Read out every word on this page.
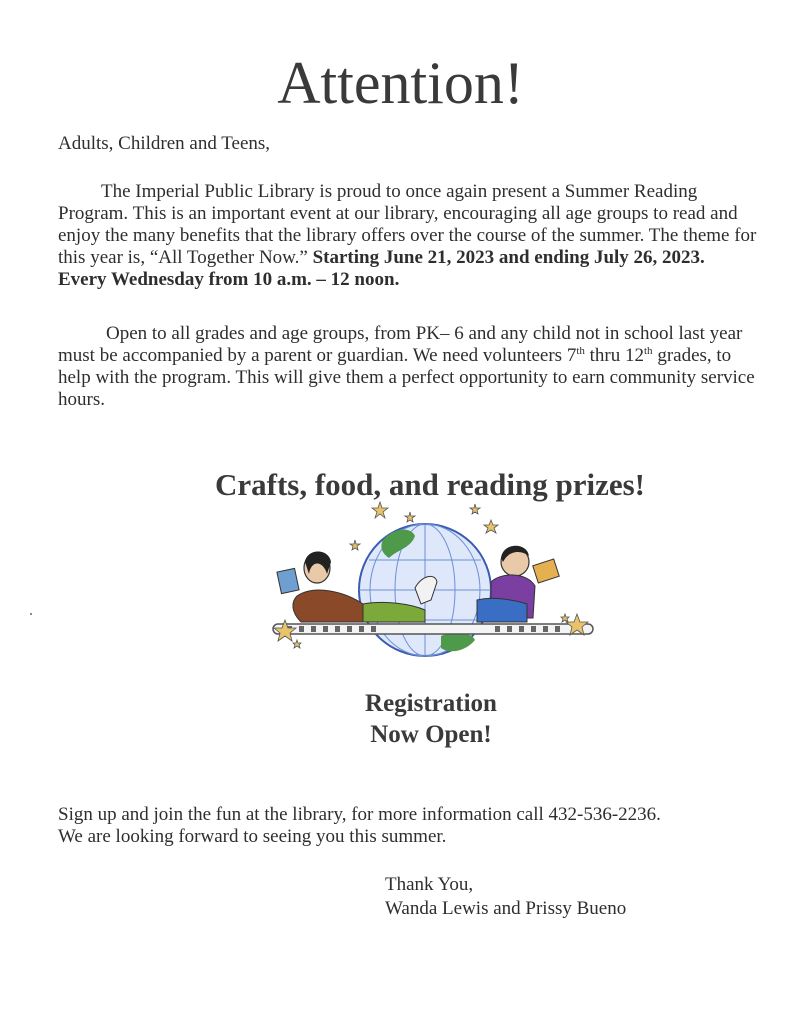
Attention!
Adults, Children and Teens,
The Imperial Public Library is proud to once again present a Summer Reading Program. This is an important event at our library, encouraging all age groups to read and enjoy the many benefits that the library offers over the course of the summer. The theme for this year is, “All Together Now.” Starting June 21, 2023 and ending July 26, 2023. Every Wednesday from 10 a.m. – 12 noon.
Open to all grades and age groups, from PK– 6 and any child not in school last year must be accompanied by a parent or guardian. We need volunteers 7th thru 12th grades, to help with the program. This will give them a perfect opportunity to earn community service hours.
Crafts, food, and reading prizes!
Registration
Now Open!
Sign up and join the fun at the library, for more information call 432-536-2236.
We are looking forward to seeing you this summer.
Thank You,
Wanda Lewis and Prissy Bueno
